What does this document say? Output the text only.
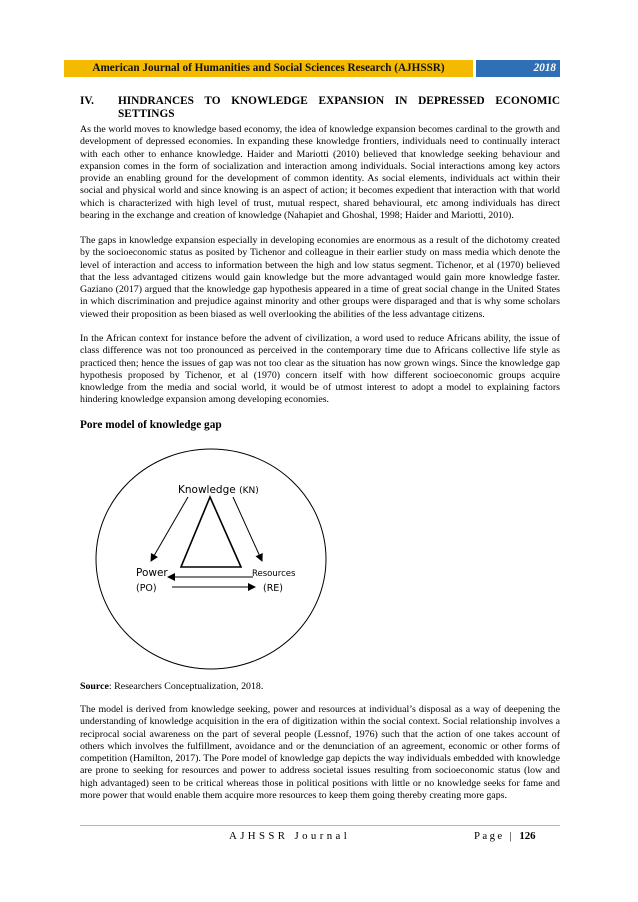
American Journal of Humanities and Social Sciences Research (AJHSSR)	2018
IV. HINDRANCES TO KNOWLEDGE EXPANSION IN DEPRESSED ECONOMIC
SETTINGS

As the world moves to knowledge based economy, the idea of knowledge expansion becomes cardinal to the growth and development of depressed economies. In expanding these knowledge frontiers, individuals need to continually interact with each other to enhance knowledge. Haider and Mariotti (2010) believed that knowledge seeking behaviour and expansion comes in the form of socialization and interaction among individuals. Social interactions among key actors provide an enabling ground for the development of common identity. As social elements, individuals act within their social and physical world and since knowing is an aspect of action; it becomes expedient that interaction with that world which is characterized with high level of trust, mutual respect, shared behavioural, etc among individuals has direct bearing in the exchange and creation of knowledge (Nahapiet and Ghoshal, 1998; Haider and Mariotti, 2010).

The gaps in knowledge expansion especially in developing economies are enormous as a result of the dichotomy created by the socioeconomic status as posited by Tichenor and colleague in their earlier study on mass media which denote the level of interaction and access to information between the high and low status segment. Tichenor, et al (1970) believed that the less advantaged citizens would gain knowledge but the more advantaged would gain more knowledge faster. Gaziano (2017) argued that the knowledge gap hypothesis appeared in a time of great social change in the United States in which discrimination and prejudice against minority and other groups were disparaged and that is why some scholars viewed their proposition as been biased as well overlooking the abilities of the less advantage citizens.

In the African context for instance before the advent of civilization, a word used to reduce Africans ability, the issue of class difference was not too pronounced as perceived in the contemporary time due to Africans collective life style as practiced then; hence the issues of gap was not too clear as the situation has now grown wings. Since the knowledge gap hypothesis proposed by Tichenor, et al (1970) concern itself with how different socioeconomic groups acquire knowledge from the media and social world, it would be of utmost interest to adopt a model to explaining factors hindering knowledge expansion among developing economies.

Pore model of knowledge gap
Knowledge (KN)
Power
(PO)
Resources
(RE)
Source: Researchers Conceptualization, 2018.

The model is derived from knowledge seeking, power and resources at individual’s disposal as a way of deepening the understanding of knowledge acquisition in the era of digitization within the social context. Social relationship involves a reciprocal social awareness on the part of several people (Lessnof, 1976) such that the action of one takes account of others which involves the fulfillment, avoidance and or the denunciation of an agreement, economic or other forms of competition (Hamilton, 2017). The Pore model of knowledge gap depicts the way individuals embedded with knowledge are prone to seeking for resources and power to address societal issues resulting from socioeconomic status (low and high advantaged) seen to be critical whereas those in political positions with little or no knowledge seeks for fame and more power that would enable them acquire more resources to keep them going thereby creating more gaps.

AJHSSR Journal	Page | 126
